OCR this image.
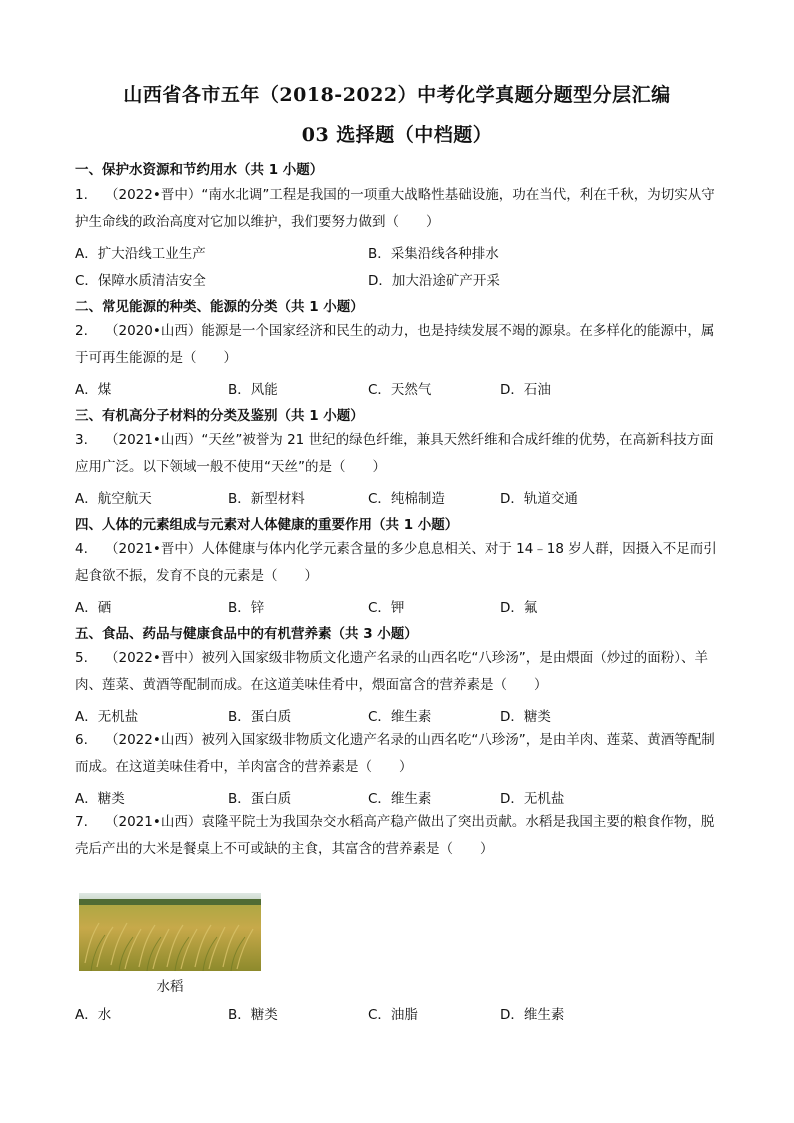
山西省各市五年（2018-2022）中考化学真题分题型分层汇编
03 选择题（中档题）
一、保护水资源和节约用水（共 1 小题）
1. （2022•晋中）“南水北调”工程是我国的一项重大战略性基础设施，功在当代，利在千秋，为切实从守护生命线的政治高度对它加以维护，我们要努力做到（　　）
A．扩大沿线工业生产	B．采集沿线各种排水
C．保障水质清洁安全	D．加大沿途矿产开采
二、常见能源的种类、能源的分类（共 1 小题）
2. （2020•山西）能源是一个国家经济和民生的动力，也是持续发展不竭的源泉。在多样化的能源中，属于可再生能源的是（　　）
A．煤	B．风能	C．天然气	D．石油
三、有机高分子材料的分类及鉴别（共 1 小题）
3. （2021•山西）“天丝”被誉为 21 世纪的绿色纤维，兼具天然纤维和合成纤维的优势，在高新科技方面应用广泛。以下领域一般不使用“天丝”的是（　　）
A．航空航天	B．新型材料	C．纯棉制造	D．轨道交通
四、人体的元素组成与元素对人体健康的重要作用（共 1 小题）
4. （2021•晋中）人体健康与体内化学元素含量的多少息息相关、对于 14﹣18 岁人群，因摄入不足而引起食欲不振，发育不良的元素是（　　）
A．硒	B．锌	C．钾	D．氟
五、食品、药品与健康食品中的有机营养素（共 3 小题）
5. （2022•晋中）被列入国家级非物质文化遗产名录的山西名吃“八珍汤”，是由煨面（炒过的面粉）、羊肉、莲菜、黄酒等配制而成。在这道美味佳肴中，煨面富含的营养素是（　　）
A．无机盐	B．蛋白质	C．维生素	D．糖类
6. （2022•山西）被列入国家级非物质文化遗产名录的山西名吃“八珍汤”，是由羊肉、莲菜、黄酒等配制而成。在这道美味佳肴中，羊肉富含的营养素是（　　）
A．糖类	B．蛋白质	C．维生素	D．无机盐
7. （2021•山西）袁隆平院士为我国杂交水稻高产稳产做出了突出贡献。水稻是我国主要的粮食作物，脱壳后产出的大米是餐桌上不可或缺的主食，其富含的营养素是（　　）
水稻
A．水	B．糖类	C．油脂	D．维生素
